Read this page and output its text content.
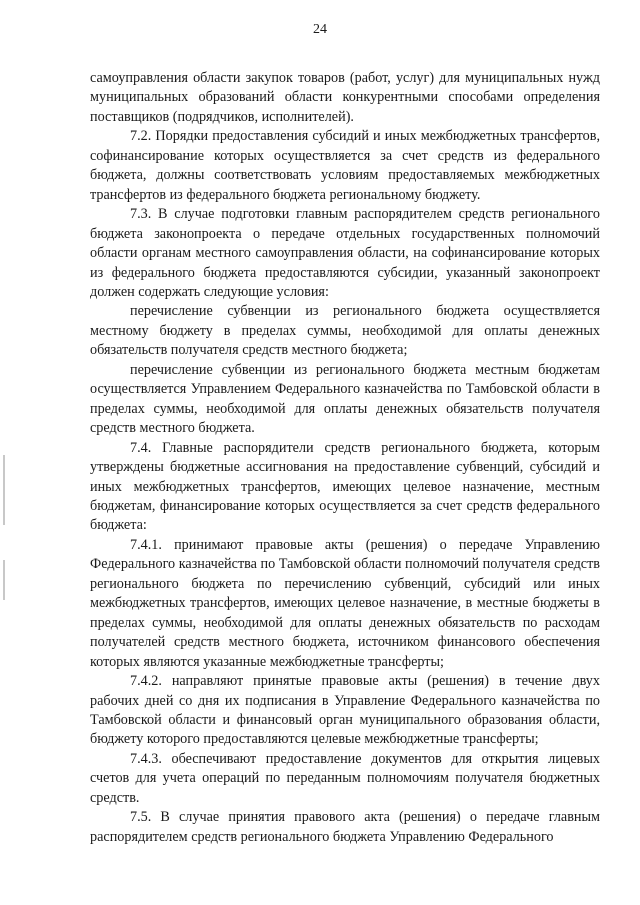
24

самоуправления области закупок товаров (работ, услуг) для муниципальных нужд муниципальных образований области конкурентными способами определения поставщиков (подрядчиков, исполнителей).

7.2. Порядки предоставления субсидий и иных межбюджетных трансфертов, софинансирование которых осуществляется за счет средств из федерального бюджета, должны соответствовать условиям предоставляемых межбюджетных трансфертов из федерального бюджета региональному бюджету.

7.3. В случае подготовки главным распорядителем средств регионального бюджета законопроекта о передаче отдельных государственных полномочий области органам местного самоуправления области, на софинансирование которых из федерального бюджета предоставляются субсидии, указанный законопроект должен содержать следующие условия:

перечисление субвенции из регионального бюджета осуществляется местному бюджету в пределах суммы, необходимой для оплаты денежных обязательств получателя средств местного бюджета;

перечисление субвенции из регионального бюджета местным бюджетам осуществляется Управлением Федерального казначейства по Тамбовской области в пределах суммы, необходимой для оплаты денежных обязательств получателя средств местного бюджета.

7.4. Главные распорядители средств регионального бюджета, которым утверждены бюджетные ассигнования на предоставление субвенций, субсидий и иных межбюджетных трансфертов, имеющих целевое назначение, местным бюджетам, финансирование которых осуществляется за счет средств федерального бюджета:

7.4.1. принимают правовые акты (решения) о передаче Управлению Федерального казначейства по Тамбовской области полномочий получателя средств регионального бюджета по перечислению субвенций, субсидий или иных межбюджетных трансфертов, имеющих целевое назначение, в местные бюджеты в пределах суммы, необходимой для оплаты денежных обязательств по расходам получателей средств местного бюджета, источником финансового обеспечения которых являются указанные межбюджетные трансферты;

7.4.2. направляют принятые правовые акты (решения) в течение двух рабочих дней со дня их подписания в Управление Федерального казначейства по Тамбовской области и финансовый орган муниципального образования области, бюджету которого предоставляются целевые межбюджетные трансферты;

7.4.3. обеспечивают предоставление документов для открытия лицевых счетов для учета операций по переданным полномочиям получателя бюджетных средств.

7.5. В случае принятия правового акта (решения) о передаче главным распорядителем средств регионального бюджета Управлению Федерального
